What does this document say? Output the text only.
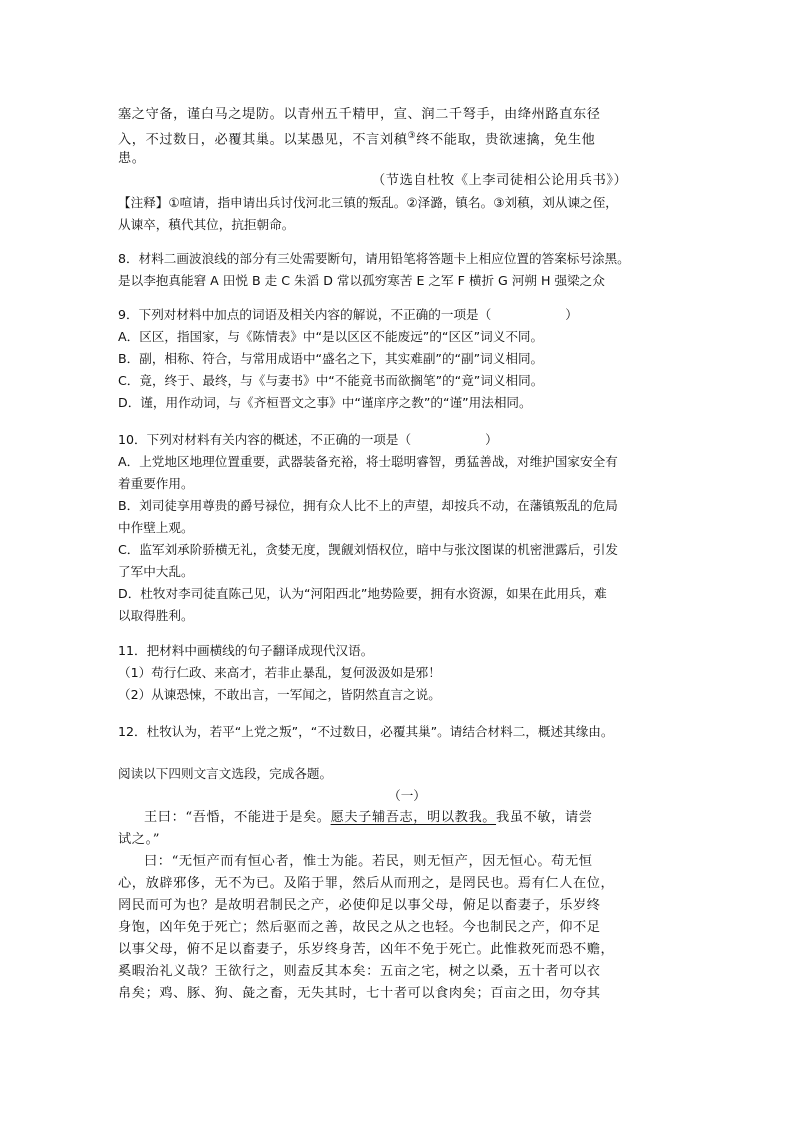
塞之守备，谨白马之堤防。以青州五千精甲，宣、润二千弩手，由绛州路直东径
入，不过数日，必覆其巢。以某愚见，不言刘稹③终不能取，贵欲速擒，免生他
患。
（节选自杜牧《上李司徒相公论用兵书》）
【注释】①喧请，指申请出兵讨伐河北三镇的叛乱。②泽潞，镇名。③刘稹，刘从谏之侄，
从谏卒，稹代其位，抗拒朝命。
8．材料二画波浪线的部分有三处需要断句，请用铅笔将答题卡上相应位置的答案标号涂黑。
是以李抱真能窘 A 田悦 B 走 C 朱滔 D 常以孤穷寒苦 E 之军 F 横折 G 河朔 H 强梁之众
9．下列对材料中加点的词语及相关内容的解说，不正确的一项是（	）
A．区区，指国家，与《陈情表》中“是以区区不能废远”的“区区”词义不同。
B．副，相称、符合，与常用成语中“盛名之下，其实难副”的“副”词义相同。
C．竟，终于、最终，与《与妻书》中“不能竟书而欲搁笔”的“竟”词义相同。
D．谨，用作动词，与《齐桓晋文之事》中“谨庠序之教”的“谨”用法相同。
10．下列对材料有关内容的概述，不正确的一项是（	）
A．上党地区地理位置重要，武器装备充裕，将士聪明睿智，勇猛善战，对维护国家安全有
着重要作用。
B．刘司徒享用尊贵的爵号禄位，拥有众人比不上的声望，却按兵不动，在藩镇叛乱的危局
中作壁上观。
C．监军刘承阶骄横无礼，贪婪无度，觊觎刘悟权位，暗中与张汶图谋的机密泄露后，引发
了军中大乱。
D．杜牧对李司徒直陈己见，认为“河阳西北”地势险要，拥有水资源，如果在此用兵，难
以取得胜利。
11．把材料中画横线的句子翻译成现代汉语。
（1）苟行仁政、来高才，若非止暴乱，复何汲汲如是邪！
（2）从谏恐悚，不敢出言，一军闻之，皆阴然直言之说。
12．杜牧认为，若平“上党之叛”，“不过数日，必覆其巢”。请结合材料二，概述其缘由。
阅读以下四则文言文选段，完成各题。
（一）
王曰：“吾惛，不能进于是矣。愿夫子辅吾志，明以教我。我虽不敏，请尝
试之。”
曰：“无恒产而有恒心者，惟士为能。若民，则无恒产，因无恒心。苟无恒
心，放辟邪侈，无不为已。及陷于罪，然后从而刑之，是罔民也。焉有仁人在位，
罔民而可为也？是故明君制民之产，必使仰足以事父母，俯足以畜妻子，乐岁终
身饱，凶年免于死亡；然后驱而之善，故民之从之也轻。今也制民之产，仰不足
以事父母，俯不足以畜妻子，乐岁终身苦，凶年不免于死亡。此惟救死而恐不赡，
奚暇治礼义哉？王欲行之，则盍反其本矣：五亩之宅，树之以桑，五十者可以衣
帛矣；鸡、豚、狗、彘之畜，无失其时，七十者可以食肉矣；百亩之田，勿夺其
